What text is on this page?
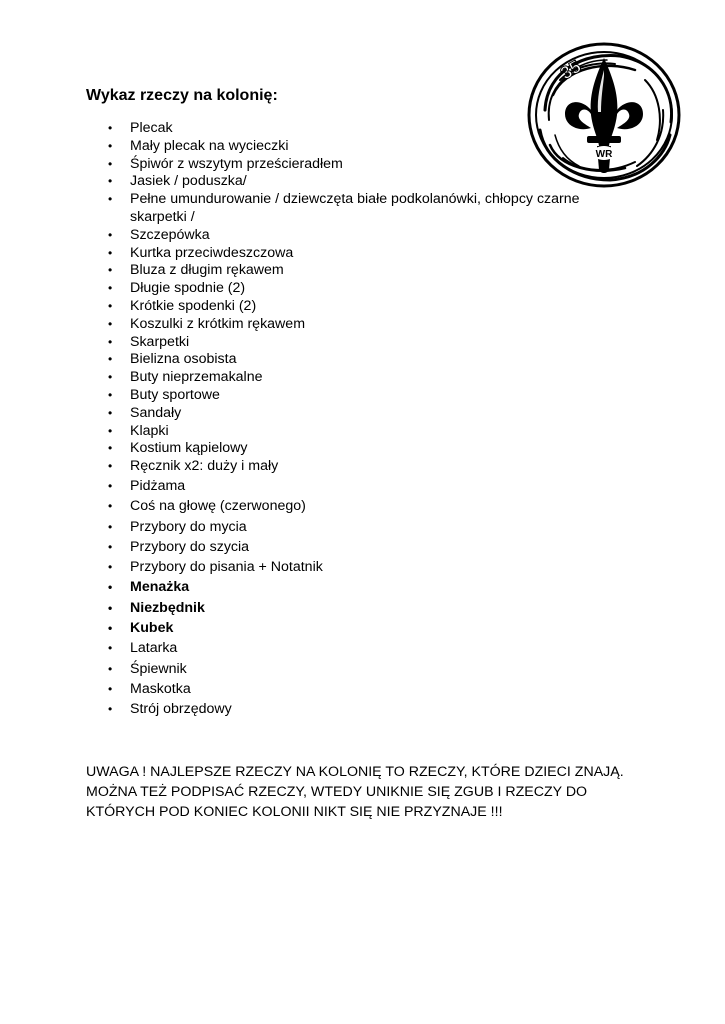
Wykaz rzeczy na kolonię:
WR
35
• Plecak
• Mały plecak na wycieczki
• Śpiwór z wszytym prześcieradłem
• Jasiek / poduszka/
• Pełne umundurowanie / dziewczęta białe podkolanówki, chłopcy czarne skarpetki /
• Szczepówka
• Kurtka przeciwdeszczowa
• Bluza z długim rękawem
• Długie spodnie (2)
• Krótkie spodenki (2)
• Koszulki z krótkim rękawem
• Skarpetki
• Bielizna osobista
• Buty nieprzemakalne
• Buty sportowe
• Sandały
• Klapki
• Kostium kąpielowy
• Ręcznik x2: duży i mały
• Pidżama
• Coś na głowę (czerwonego)
• Przybory do mycia
• Przybory do szycia
• Przybory do pisania + Notatnik
• Menażka
• Niezbędnik
• Kubek
• Latarka
• Śpiewnik
• Maskotka
• Strój obrzędowy
UWAGA ! NAJLEPSZE RZECZY NA KOLONIĘ TO RZECZY, KTÓRE DZIECI ZNAJĄ. MOŻNA TEŻ PODPISAĆ RZECZY, WTEDY UNIKNIE SIĘ ZGUB I RZECZY DO KTÓRYCH POD KONIEC KOLONII NIKT SIĘ NIE PRZYZNAJE !!!
